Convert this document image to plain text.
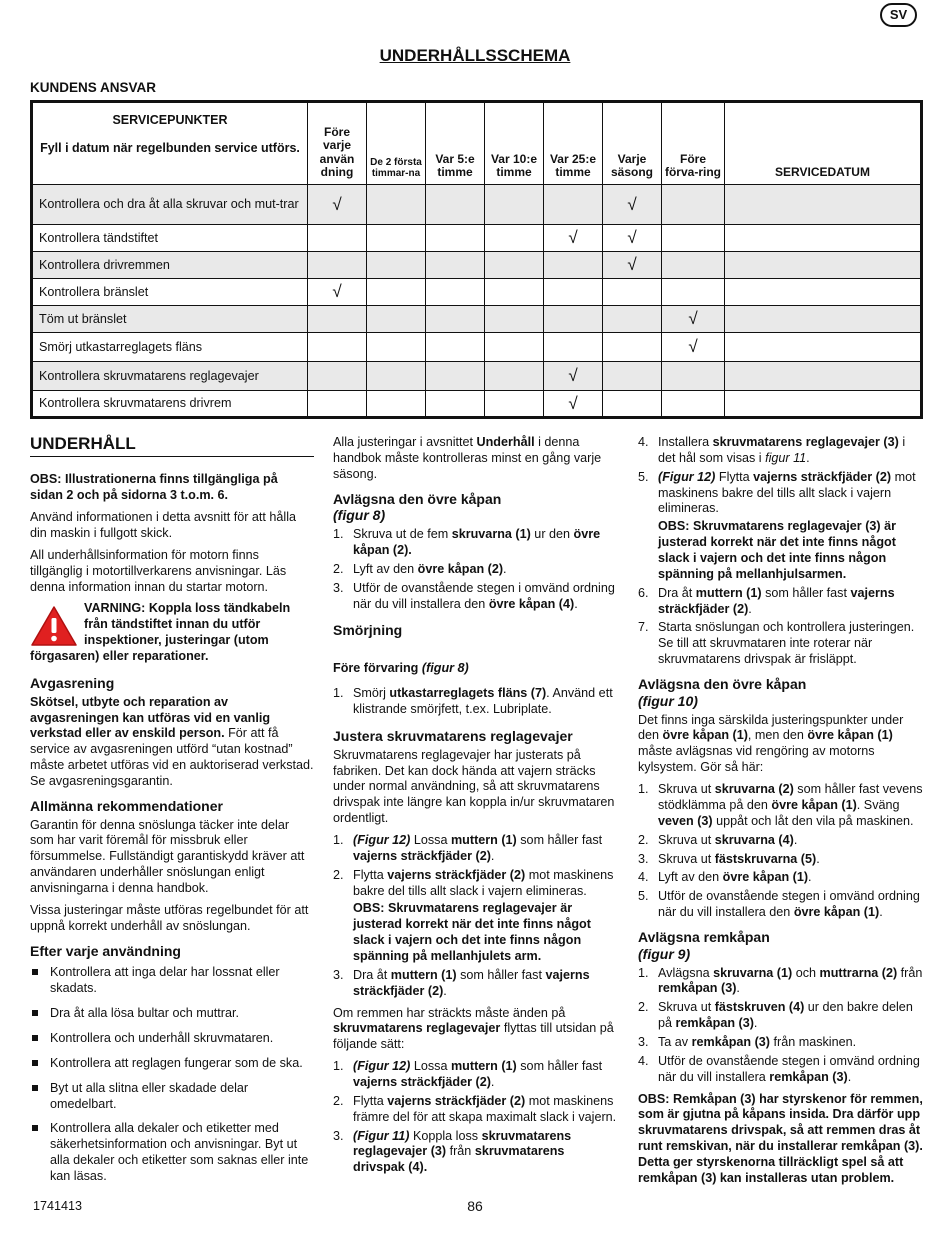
SV
UNDERHÅLLSSCHEMA
KUNDENS ANSVAR
SERVICEPUNKTER
Fyll i datum när regelbunden service utförs.	Före varje använ dning	De 2 första timmar-na	Var 5:e timme	Var 10:e timme	Var 25:e timme	Varje säsong	Före förva-ring	SERVICEDATUM
Kontrollera och dra åt alla skruvar och mut-trar	√					√		
Kontrollera tändstiftet					√	√		
Kontrollera drivremmen						√		
Kontrollera bränslet	√							
Töm ut bränslet							√	
Smörj utkastarreglagets fläns							√	
Kontrollera skruvmatarens reglagevajer					√			
Kontrollera skruvmatarens drivrem					√			
UNDERHÅLL

OBS: Illustrationerna finns tillgängliga på sidan 2 och på sidorna 3 t.o.m. 6.

Använd informationen i detta avsnitt för att hålla din maskin i fullgott skick.

All underhållsinformation för motorn finns tillgänglig i motortillverkarens anvisningar. Läs denna information innan du startar motorn.

VARNING: Koppla loss tändkabeln från tändstiftet innan du utför inspektioner, justeringar (utom
förgasaren) eller reparationer.
Avgasrening

Skötsel, utbyte och reparation av avgasreningen kan utföras vid en vanlig verkstad eller av enskild person. För att få service av avgasreningen utförd “utan kostnad” måste arbetet utföras vid en auktoriserad verkstad. Se avgasreningsgarantin.

Allmänna rekommendationer

Garantin för denna snöslunga täcker inte delar som har varit föremål för missbruk eller försummelse. Fullständigt garantiskydd kräver att användaren underhåller snöslungan enligt anvisningarna i denna handbok.

Vissa justeringar måste utföras regelbundet för att uppnå korrekt underhåll av snöslungan.

Efter varje användning
Kontrollera att inga delar har lossnat eller skadats.
Dra åt alla lösa bultar och muttrar.
Kontrollera och underhåll skruvmataren.
Kontrollera att reglagen fungerar som de ska.
Byt ut alla slitna eller skadade delar omedelbart.
Kontrollera alla dekaler och etiketter med säkerhetsinformation och anvisningar. Byt ut alla dekaler och etiketter som saknas eller inte kan läsas.

Alla justeringar i avsnittet Underhåll i denna handbok måste kontrolleras minst en gång varje säsong.

Avlägsna den övre kåpan
(figur 8)
1. Skruva ut de fem skruvarna (1) ur den övre kåpan (2).
2. Lyft av den övre kåpan (2).
3. Utför de ovanstående stegen i omvänd ordning när du vill installera den övre kåpan (4).
Smörjning
Före förvaring (figur 8)
1. Smörj utkastarreglagets fläns (7). Använd ett klistrande smörjfett, t.ex. Lubriplate.
Justera skruvmatarens reglagevajer

Skruvmatarens reglagevajer har justerats på fabriken. Det kan dock hända att vajern sträcks under normal användning, så att skruvmatarens drivspak inte längre kan koppla in/ur skruvmataren ordentligt.

1. (Figur 12) Lossa muttern (1) som håller fast vajerns sträckfjäder (2).
2. Flytta vajerns sträckfjäder (2) mot maskinens bakre del tills allt slack i vajern elimineras.
OBS: Skruvmatarens reglagevajer är justerad korrekt när det inte finns något slack i vajern och det inte finns någon spänning på mellanhjulets arm.
3. Dra åt muttern (1) som håller fast vajerns sträckfjäder (2).

Om remmen har sträckts måste änden på skruvmatarens reglagevajer flyttas till utsidan på följande sätt:

1. (Figur 12) Lossa muttern (1) som håller fast vajerns sträckfjäder (2).
2. Flytta vajerns sträckfjäder (2) mot maskinens främre del för att skapa maximalt slack i vajern.
3. (Figur 11) Koppla loss skruvmatarens reglagevajer (3) från skruvmatarens drivspak (4).
4. Installera skruvmatarens reglagevajer (3) i det hål som visas i figur 11.
5. (Figur 12) Flytta vajerns sträckfjäder (2) mot maskinens bakre del tills allt slack i vajern elimineras.
OBS: Skruvmatarens reglagevajer (3) är justerad korrekt när det inte finns något slack i vajern och det inte finns någon spänning på mellanhjulsarmen.
6. Dra åt muttern (1) som håller fast vajerns sträckfjäder (2).
7. Starta snöslungan och kontrollera justeringen. Se till att skruvmataren inte roterar när skruvmatarens drivspak är frisläppt.
Avlägsna den övre kåpan
(figur 10)

Det finns inga särskilda justeringspunkter under den övre kåpan (1), men den övre kåpan (1) måste avlägsnas vid rengöring av motorns kylsystem. Gör så här:

1. Skruva ut skruvarna (2) som håller fast vevens stödklämma på den övre kåpan (1). Sväng veven (3) uppåt och låt den vila på maskinen.
2. Skruva ut skruvarna (4).
3. Skruva ut fästskruvarna (5).
4. Lyft av den övre kåpan (1).
5. Utför de ovanstående stegen i omvänd ordning när du vill installera den övre kåpan (1).
Avlägsna remkåpan
(figur 9)
1. Avlägsna skruvarna (1) och muttrarna (2) från remkåpan (3).
2. Skruva ut fästskruven (4) ur den bakre delen på remkåpan (3).
3. Ta av remkåpan (3) från maskinen.
4. Utför de ovanstående stegen i omvänd ordning när du vill installera remkåpan (3).

OBS: Remkåpan (3) har styrskenor för remmen, som är gjutna på kåpans insida. Dra därför upp skruvmatarens drivspak, så att remmen dras åt runt remskivan, när du installerar remkåpan (3). Detta ger styrskenorna tillräckligt spel så att remkåpan (3) kan installeras utan problem.

1741413	86
